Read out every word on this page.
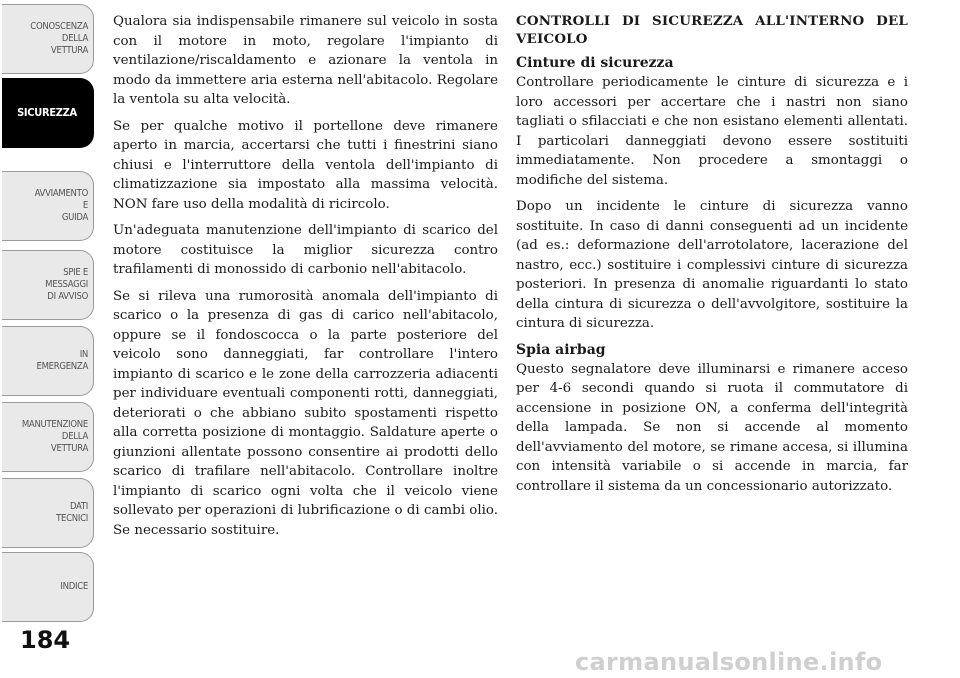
CONOSCENZA
DELLA
VETTURA
SICUREZZA
AVVIAMENTO
E
GUIDA
SPIE E
MESSAGGI
DI AVVISO
IN
EMERGENZA
MANUTENZIONE
DELLA
VETTURA
DATI
TECNICI
INDICE
184

Qualora sia indispensabile rimanere sul veicolo in sosta con il motore in moto, regolare l'impianto di ventilazione/riscaldamento e azionare la ventola in modo da immettere aria esterna nell'abitacolo. Regolare la ventola su alta velocità.

Se per qualche motivo il portellone deve rimanere aperto in marcia, accertarsi che tutti i finestrini siano chiusi e l'interruttore della ventola dell'impianto di climatizzazione sia impostato alla massima velocità. NON fare uso della modalità di ricircolo.

Un'adeguata manutenzione dell'impianto di scarico del motore costituisce la miglior sicurezza contro trafilamenti di monossido di carbonio nell'abitacolo.

Se si rileva una rumorosità anomala dell'impianto di scarico o la presenza di gas di carico nell'abitacolo, oppure se il fondoscocca o la parte posteriore del veicolo sono danneggiati, far controllare l'intero impianto di scarico e le zone della carrozzeria adiacenti per individuare eventuali componenti rotti, danneggiati, deteriorati o che abbiano subito spostamenti rispetto alla corretta posizione di montaggio. Saldature aperte o giunzioni allentate possono consentire ai prodotti dello scarico di trafilare nell'abitacolo. Controllare inoltre l'impianto di scarico ogni volta che il veicolo viene sollevato per operazioni di lubrificazione o di cambi olio. Se necessario sostituire.

CONTROLLI DI SICUREZZA ALL'INTERNO DEL VEICOLO
Cinture di sicurezza

Controllare periodicamente le cinture di sicurezza e i loro accessori per accertare che i nastri non siano tagliati o sfilacciati e che non esistano elementi allentati. I particolari danneggiati devono essere sostituiti immediatamente. Non procedere a smontaggi o modifiche del sistema.

Dopo un incidente le cinture di sicurezza vanno sostituite. In caso di danni conseguenti ad un incidente (ad es.: deformazione dell'arrotolatore, lacerazione del nastro, ecc.) sostituire i complessivi cinture di sicurezza posteriori. In presenza di anomalie riguardanti lo stato della cintura di sicurezza o dell'avvolgitore, sostituire la cintura di sicurezza.

Spia airbag

Questo segnalatore deve illuminarsi e rimanere acceso per 4-6 secondi quando si ruota il commutatore di accensione in posizione ON, a conferma dell'integrità della lampada. Se non si accende al momento dell'avviamento del motore, se rimane accesa, si illumina con intensità variabile o si accende in marcia, far controllare il sistema da un concessionario autorizzato.

carmanualsonline.info
